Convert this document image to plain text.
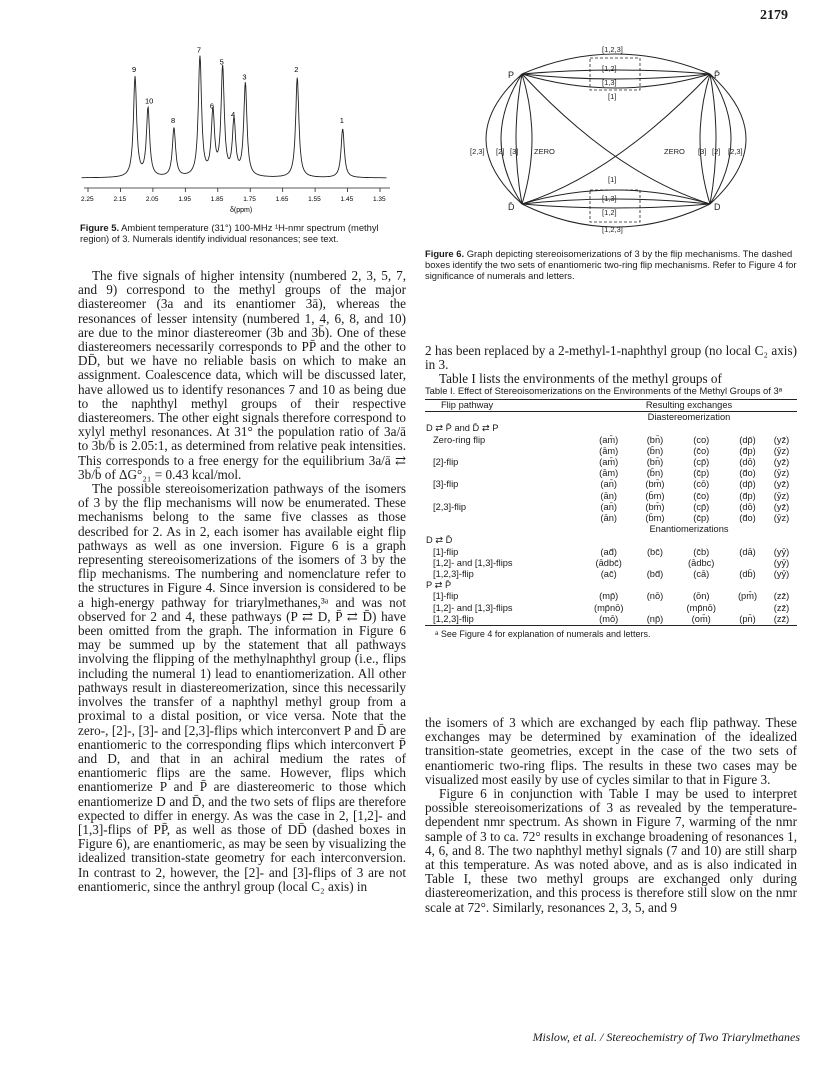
2179
9
10
8
7
6
5
4
3
2
1
2.25	2.15	2.05	1.95	1.85	1.75	1.65	1.55	1.45	1.35
δ(ppm)

Figure 5. Ambient temperature (31°) 100-MHz ¹H-nmr spectrum (methyl region) of 3. Numerals identify individual resonances; see text.

[1,2,3]
[1,2]
[1,3]
[1]
[1]
[1,3]
[1,2]
[1,2,3]
[2,3] [2] [3] ZERO	ZERO [3] [2] [2,3]
P	P̄
D̄	D

Figure 6. Graph depicting stereoisomerizations of 3 by the flip mechanisms. The dashed boxes identify the two sets of enantiomeric two-ring flip mechanisms. Refer to Figure 4 for significance of numerals and letters.

The five signals of higher intensity (numbered 2, 3, 5, 7, and 9) correspond to the methyl groups of the major diastereomer (3a and its enantiomer 3ā), whereas the resonances of lesser intensity (numbered 1, 4, 6, 8, and 10) are due to the minor diastereomer (3b and 3b̄). One of these diastereomers necessarily corresponds to PP̄ and the other to DD̄, but we have no reliable basis on which to make an assignment. Coalescence data, which will be discussed later, have allowed us to identify resonances 7 and 10 as being due to the naphthyl methyl groups of their respective diastereomers. The other eight signals therefore correspond to xylyl methyl resonances. At 31° the population ratio of 3a/ā to 3b/b̄ is 2.05:1, as determined from relative peak intensities. This corresponds to a free energy for the equilibrium 3a/ā ⇄ 3b/b̄ of ΔG°₂₁ = 0.43 kcal/mol.

The possible stereoisomerization pathways of the isomers of 3 by the flip mechanisms will now be enumerated. These mechanisms belong to the same five classes as those described for 2. As in 2, each isomer has available eight flip pathways as well as one inversion. Figure 6 is a graph representing stereoisomerizations of the isomers of 3 by the flip mechanisms. The numbering and nomenclature refer to the structures in Figure 4. Since inversion is considered to be a high-energy pathway for triarylmethanes,³ᵃ and was not observed for 2 and 4, these pathways (P ⇄ D, P̄ ⇄ D̄) have been omitted from the graph. The information in Figure 6 may be summed up by the statement that all pathways involving the flipping of the methylnaphthyl group (i.e., flips including the numeral 1) lead to enantiomerization. All other pathways result in diastereomerization, since this necessarily involves the transfer of a naphthyl methyl group from a proximal to a distal position, or vice versa. Note that the zero-, [2]-, [3]- and [2,3]-flips which interconvert P and D̄ are enantiomeric to the corresponding flips which interconvert P̄ and D, and that in an achiral medium the rates of enantiomeric flips are the same. However, flips which enantiomerize P and P̄ are diastereomeric to those which enantiomerize D and D̄, and the two sets of flips are therefore expected to differ in energy. As was the case in 2, [1,2]- and [1,3]-flips of PP̄, as well as those of DD̄ (dashed boxes in Figure 6), are enantiomeric, as may be seen by visualizing the idealized transition-state geometry for each interconversion. In contrast to 2, however, the [2]- and [3]-flips of 3 are not enantiomeric, since the anthryl group (local C₂ axis) in

2 has been replaced by a 2-methyl-1-naphthyl group (no local C₂ axis) in 3.

Table I lists the environments of the methyl groups of

Table I. Effect of Stereoisomerizations on the Environments of the Methyl Groups of 3ᵃ

Flip pathway	Resulting exchanges				
	Diastereomerization				
D ⇄ P̄ and D̄ ⇄ P					
Zero-ring flip	(am̄)	(bn̄)	(co)	(dp̄)	(yz̄)
	(ām)	(b̄n)	(c̄o)	(d̄p)	(ȳz)
[2]-flip	(am̄)	(bn̄)	(cp̄)	(dō)	(yz̄)
	(ām)	(b̄n)	(c̄p)	(d̄o)	(ȳz)
[3]-flip	(an̄)	(bm̄)	(cō)	(dp̄)	(yz̄)
	(ān)	(b̄m)	(c̄o)	(d̄p)	(ȳz)
[2,3]-flip	(an̄)	(bm̄)	(cp̄)	(dō)	(yz̄)
	(ān)	(b̄m)	(c̄p)	(d̄o)	(ȳz)
	Enantiomerizations				
D ⇄ D̄					
[1]-flip	(ad̄)	(bc̄)	(c̄b)	(dā)	(yȳ)
[1,2]- and [1,3]-flips	(ādbc̄)		(ādbc)		(yȳ)
[1,2,3]-flip	(ac̄)	(bd̄)	(cā)	(db̄)	(yȳ)
P ⇄ P̄					
[1]-flip	(mp̄)	(nō)	(ōn)	(pm̄)	(zz̄)
[1,2]- and [1,3]-flips	(mp̄nō)		(mp̄nō)		(zz̄)
[1,2,3]-flip	(mō)	(np̄)	(om̄)	(pn̄)	(zz̄)
ᵃ See Figure 4 for explanation of numerals and letters.					

the isomers of 3 which are exchanged by each flip pathway. These exchanges may be determined by examination of the idealized transition-state geometries, except in the case of the two sets of enantiomeric two-ring flips. The results in these two cases may be visualized most easily by use of cycles similar to that in Figure 3.

Figure 6 in conjunction with Table I may be used to interpret possible stereoisomerizations of 3 as revealed by the temperature-dependent nmr spectrum. As shown in Figure 7, warming of the nmr sample of 3 to ca. 72° results in exchange broadening of resonances 1, 4, 6, and 8. The two naphthyl methyl signals (7 and 10) are still sharp at this temperature. As was noted above, and as is also indicated in Table I, these two methyl groups are exchanged only during diastereomerization, and this process is therefore still slow on the nmr scale at 72°. Similarly, resonances 2, 3, 5, and 9

Mislow, et al. / Stereochemistry of Two Triarylmethanes
